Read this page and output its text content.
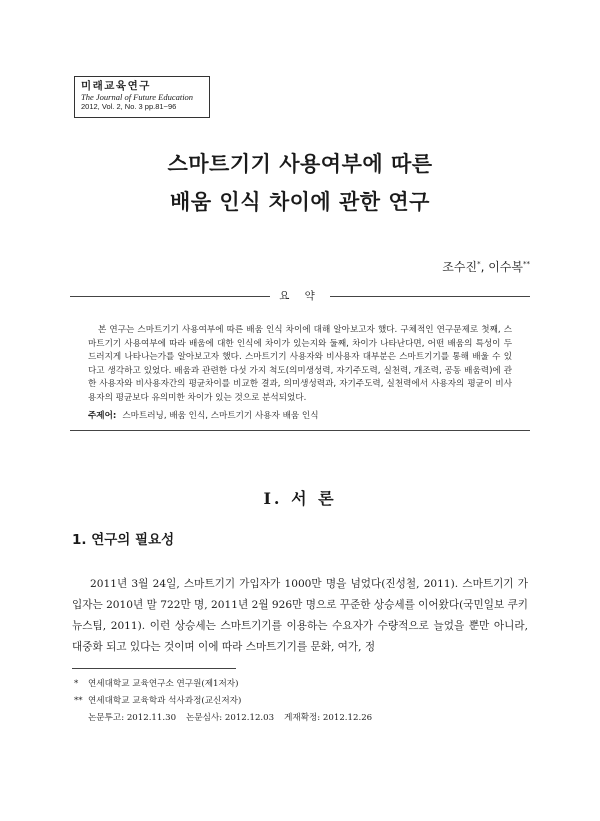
미래교육연구
The Journal of Future Education
2012, Vol. 2, No. 3 pp.81~96
스마트기기 사용여부에 따른
배움 인식 차이에 관한 연구
조수진*, 이수복**
요 약
본 연구는 스마트기기 사용여부에 따른 배움 인식 차이에 대해 알아보고자 했다. 구체적인 연구문제로 첫째, 스마트기기 사용여부에 따라 배움에 대한 인식에 차이가 있는지와 둘째, 차이가 나타난다면, 어떤 배움의 특성이 두드러지게 나타나는가를 알아보고자 했다. 스마트기기 사용자와 비사용자 대부분은 스마트기기를 통해 배울 수 있다고 생각하고 있었다. 배움과 관련한 다섯 가지 척도(의미생성력, 자기주도력, 실천력, 개조력, 공동 배움력)에 관한 사용자와 비사용자간의 평균차이를 비교한 결과, 의미생성력과, 자기주도력, 실천력에서 사용자의 평균이 비사용자의 평균보다 유의미한 차이가 있는 것으로 분석되었다.
주제어: 스마트러닝, 배움 인식, 스마트기기 사용자 배움 인식
Ⅰ. 서 론
1. 연구의 필요성
2011년 3월 24일, 스마트기기 가입자가 1000만 명을 넘었다(진성철, 2011). 스마트기기 가입자는 2010년 말 722만 명, 2011년 2월 926만 명으로 꾸준한 상승세를 이어왔다(국민일보 쿠키뉴스팀, 2011). 이런 상승세는 스마트기기를 이용하는 수요자가 수량적으로 늘었을 뿐만 아니라, 대중화 되고 있다는 것이며 이에 따라 스마트기기를 문화, 여가, 정
* 연세대학교 교육연구소 연구원(제1저자)
** 연세대학교 교육학과 석사과정(교신저자)
논문투고: 2012.11.30 논문심사: 2012.12.03 게재확정: 2012.12.26
